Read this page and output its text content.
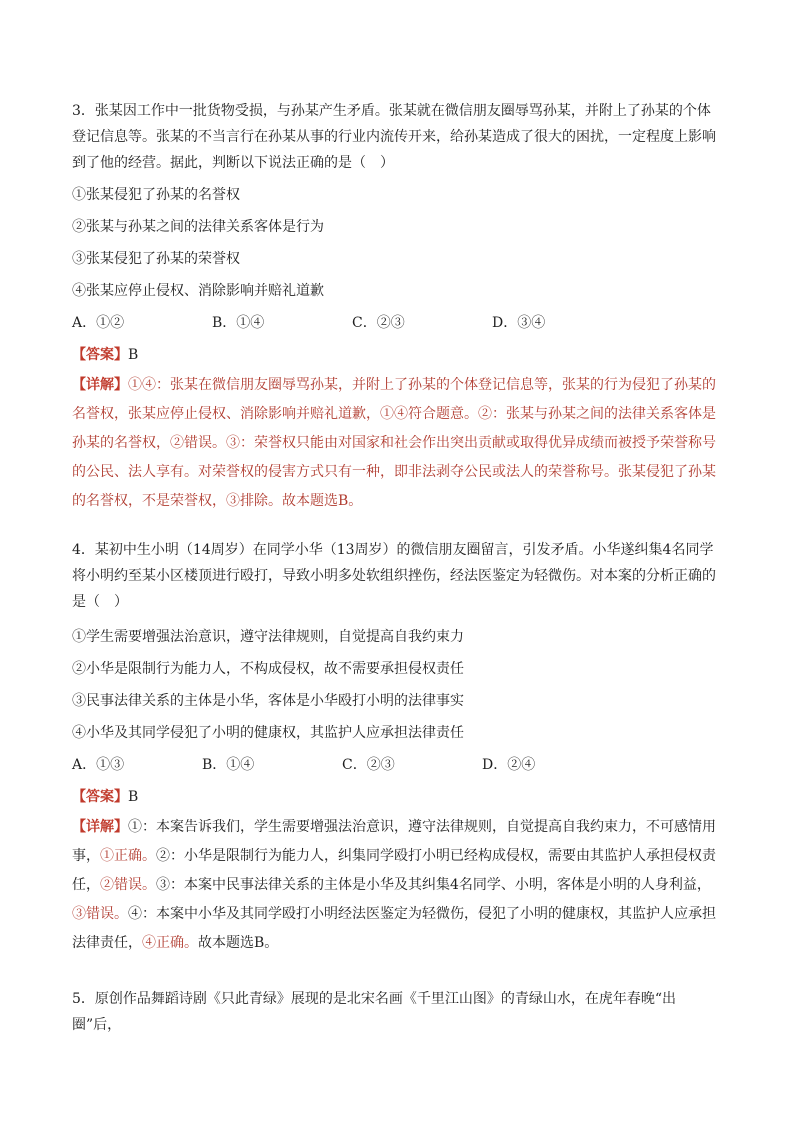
3．张某因工作中一批货物受损，与孙某产生矛盾。张某就在微信朋友圈辱骂孙某，并附上了孙某的个体登记信息等。张某的不当言行在孙某从事的行业内流传开来，给孙某造成了很大的困扰，一定程度上影响到了他的经营。据此，判断以下说法正确的是（　）

①张某侵犯了孙某的名誉权

②张某与孙某之间的法律关系客体是行为

③张某侵犯了孙某的荣誉权

④张某应停止侵权、消除影响并赔礼道歉

A．①②	B．①④	C．②③	D．③④

【答案】B

【详解】①④：张某在微信朋友圈辱骂孙某，并附上了孙某的个体登记信息等，张某的行为侵犯了孙某的名誉权，张某应停止侵权、消除影响并赔礼道歉，①④符合题意。②：张某与孙某之间的法律关系客体是孙某的名誉权，②错误。③：荣誉权只能由对国家和社会作出突出贡献或取得优异成绩而被授予荣誉称号的公民、法人享有。对荣誉权的侵害方式只有一种，即非法剥夺公民或法人的荣誉称号。张某侵犯了孙某的名誉权，不是荣誉权，③排除。故本题选B。

4．某初中生小明（14周岁）在同学小华（13周岁）的微信朋友圈留言，引发矛盾。小华遂纠集4名同学将小明约至某小区楼顶进行殴打，导致小明多处软组织挫伤，经法医鉴定为轻微伤。对本案的分析正确的是（　）

①学生需要增强法治意识，遵守法律规则，自觉提高自我约束力

②小华是限制行为能力人，不构成侵权，故不需要承担侵权责任

③民事法律关系的主体是小华，客体是小华殴打小明的法律事实

④小华及其同学侵犯了小明的健康权，其监护人应承担法律责任

A．①③	B．①④	C．②③	D．②④

【答案】B

【详解】①：本案告诉我们，学生需要增强法治意识，遵守法律规则，自觉提高自我约束力，不可感情用事，①正确。②：小华是限制行为能力人，纠集同学殴打小明已经构成侵权，需要由其监护人承担侵权责任，②错误。③：本案中民事法律关系的主体是小华及其纠集4名同学、小明，客体是小明的人身利益，③错误。④：本案中小华及其同学殴打小明经法医鉴定为轻微伤，侵犯了小明的健康权，其监护人应承担法律责任，④正确。故本题选B。

5．原创作品舞蹈诗剧《只此青绿》展现的是北宋名画《千里江山图》的青绿山水，在虎年春晚“出圈”后，
